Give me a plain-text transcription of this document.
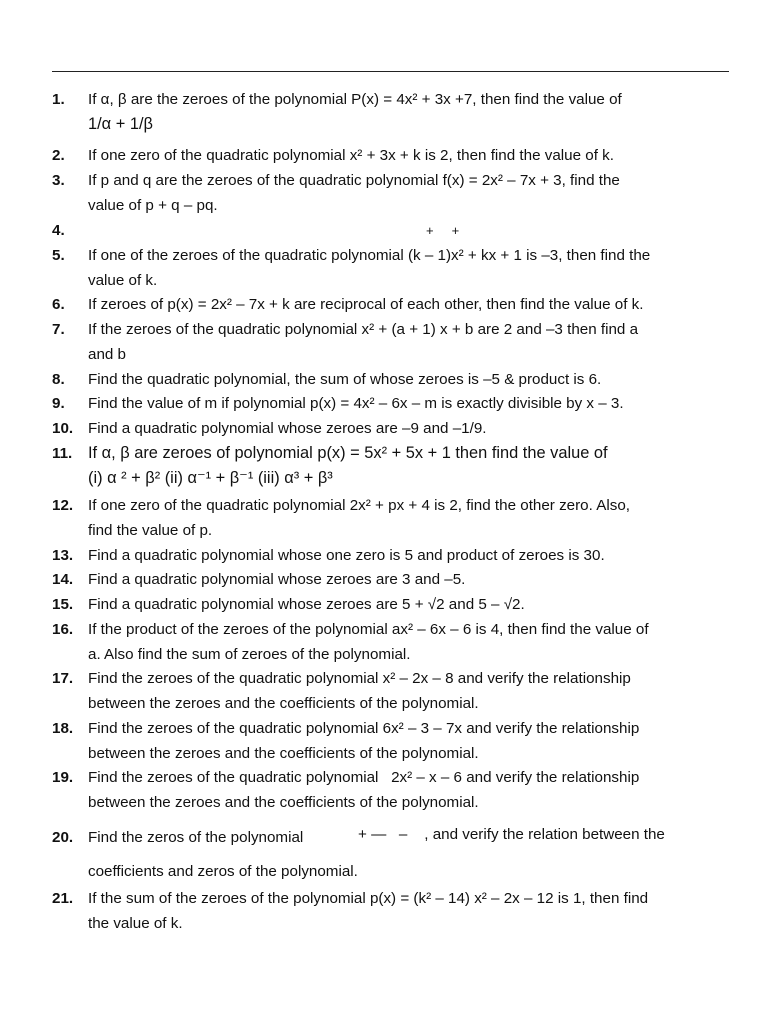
1. If α, β are the zeroes of the polynomial P(x) = 4x² + 3x +7, then find the value of
1/α + 1/β
2. If one zero of the quadratic polynomial x² + 3x + k is 2, then find the value of k.
3. If p and q are the zeroes of the quadratic polynomial f(x) = 2x² – 7x + 3, find the
value of p + q – pq.
4.	+     +
5. If one of the zeroes of the quadratic polynomial (k – 1)x² + kx + 1 is –3, then find the
value of k.
6. If zeroes of p(x) = 2x² – 7x + k are reciprocal of each other, then find the value of k.
7. If the zeroes of the quadratic polynomial x² + (a + 1) x + b are 2 and –3 then find a
and b
8. Find the quadratic polynomial, the sum of whose zeroes is –5 & product is 6.
9. Find the value of m if polynomial p(x) = 4x² – 6x – m is exactly divisible by x – 3.
10. Find a quadratic polynomial whose zeroes are –9 and –1/9.
11. If α, β are zeroes of polynomial p(x) = 5x² + 5x + 1 then find the value of
(i) α ² + β² (ii) α⁻¹ + β⁻¹ (iii) α³ + β³
12. If one zero of the quadratic polynomial 2x² + px + 4 is 2, find the other zero. Also,
find the value of p.
13. Find a quadratic polynomial whose one zero is 5 and product of zeroes is 30.
14. Find a quadratic polynomial whose zeroes are 3 and –5.
15. Find a quadratic polynomial whose zeroes are 5 + √2 and 5 – √2.
16. If the product of the zeroes of the polynomial ax² – 6x – 6 is 4, then find the value of
a. Also find the sum of zeroes of the polynomial.
17. Find the zeroes of the quadratic polynomial x² – 2x – 8 and verify the relationship
between the zeroes and the coefficients of the polynomial.
18. Find the zeroes of the quadratic polynomial 6x² – 3 – 7x and verify the relationship
between the zeroes and the coefficients of the polynomial.
19. Find the zeroes of the quadratic polynomial   2x² – x – 6 and verify the relationship
between the zeroes and the coefficients of the polynomial.
20. Find the zeros of the polynomial	+ —   –    , and verify the relation between the
coefficients and zeros of the polynomial.
21. If the sum of the zeroes of the polynomial p(x) = (k² – 14) x² – 2x – 12 is 1, then find
the value of k.
